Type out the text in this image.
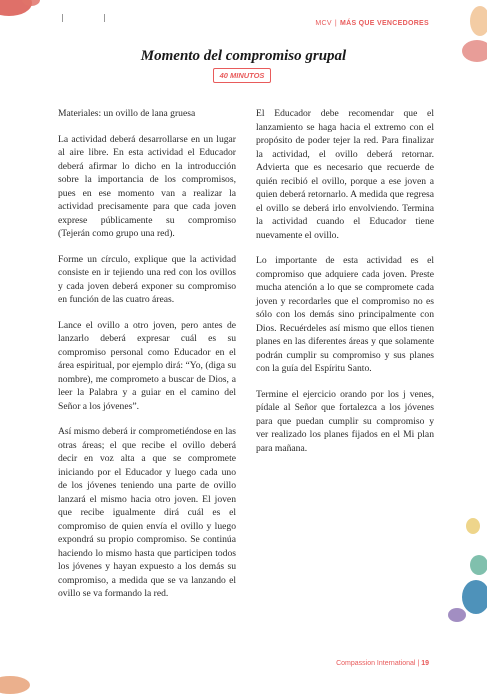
MCV | MÁS QUE VENCEDORES
Momento del compromiso grupal
40 MINUTOS

Materiales: un ovillo de lana gruesa

La actividad deberá desarrollarse en un lugar al aire libre. En esta actividad el Educador deberá afirmar lo dicho en la introducción sobre la importancia de los compromisos, pues en ese momento van a realizar la actividad precisamente para que cada joven exprese públicamente su compromiso (Tejerán como grupo una red).

Forme un círculo, explique que la actividad consiste en ir tejiendo una red con los ovillos y cada joven deberá exponer su compromiso en función de las cuatro áreas.

Lance el ovillo a otro joven, pero antes de lanzarlo deberá expresar cuál es su compromiso personal como Educador en el área espiritual, por ejemplo dirá: “Yo, (diga su nombre), me comprometo a buscar de Dios, a leer la Palabra y a guiar en el camino del Señor a los jóvenes”.

Así mismo deberá ir comprometiéndose en las otras áreas; el que recibe el ovillo deberá decir en voz alta a que se compromete iniciando por el Educador y luego cada uno de los jóvenes teniendo una parte de ovillo lanzará el mismo hacia otro joven. El joven que recibe igualmente dirá cuál es el compromiso de quien envía el ovillo y luego expondrá su propio compromiso. Se continúa haciendo lo mismo hasta que participen todos los jóvenes y hayan expuesto a los demás su compromiso, a medida que se va lanzando el ovillo se va formando la red.

El Educador debe recomendar que el lanzamiento se haga hacia el extremo con el propósito de poder tejer la red. Para finalizar la actividad, el ovillo deberá retornar. Advierta que es necesario que recuerde de quién recibió el ovillo, porque a ese joven a quien deberá retornarlo. A medida que regresa el ovillo se deberá irlo envolviendo. Termina la actividad cuando el Educador tiene nuevamente el ovillo.

Lo importante de esta actividad es el compromiso que adquiere cada joven. Preste mucha atención a lo que se compromete cada joven y recordarles que el compromiso no es sólo con los demás sino principalmente con Dios. Recuérdeles así mismo que ellos tienen planes en las diferentes áreas y que solamente podrán cumplir su compromiso y sus planes con la guía del Espíritu Santo.

Termine el ejercicio orando por los j venes, pídale al Señor que fortalezca a los jóvenes para que puedan cumplir su compromiso y ver realizado los planes fijados en el Mi plan para mañana.

Compassion International | 19
